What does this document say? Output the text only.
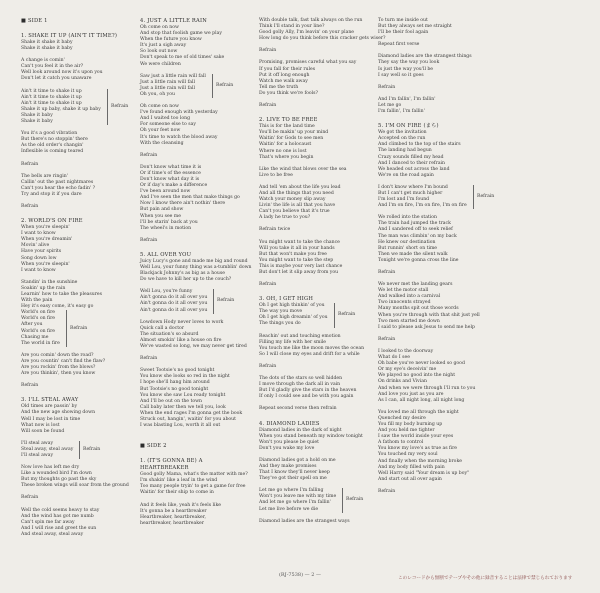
■ SIDE 1
1. SHAKE IT UP (AIN'T IT TIME?)
Shake it shake it baby
Shake it shake it baby
A change is comin'
Can't you feel it in the air?
Well look around now it's upon you
Don't let it catch you unaware
Ain't it time to shake it up
Ain't it time to shake it up
Ain't it time to shake it up
Shake it up baby, shake it up baby
Shake it baby
Shake it baby
Refrain
You it's a good vibration
But there's no stoppin' there
As the old order's changin'
Inflexible is coming teared
Refrain
The bells are ringin'
Callin' out the past nightmares
Can't you hear the echo fadin' ?
Try and stop it if you dare
Refrain
2. WORLD'S ON FIRE
When you're sleepin'
I want to know
When you're dreamin'
Movin' alive
Have your spirits
Song down low
When you're sleepin'
I want to know
Standin' in the sunshine
Soakin' up the rain
Learnin' how to take the pleasures
With the pain
Hey it's easy come, it's easy go
World's on fire
World's on fire
After you
World's on fire
Chasing me
The world in fire
Refrain
Are you comin' down the road?
Are you countin' can't find the flaw?
Are you rockin' from the blows?
Are you thinkin', then you know
Refrain
3. I'LL STEAL AWAY
Old times are passin' by
And the new age showing down
Well I may be lost in time
What now is lost
Will soon be found
I'll steal away
Steal away, steal away
I'll steal away
Refrain
Now love has left me dry
Like a wounded bird I'm down
But my thoughts go past the sky
These broken wings will soar from the ground
Refrain
Well the cold seems heavy to stay
And the wind has got me numb
Can't spin me far away
And I will rise and greet the sun
And steal away, steal away
4. JUST A LITTLE RAIN
Oh come on now
And stop that foolish game we play
When the future you know
It's just a sigh away
So look out now
Don't speak to me of old times' sake
We were children
Saw just a little rain will fall
Just a little rain will fall
Just a little rain will fall
Oh you, oh you
Refrain
Oh come on now
I've found enough with yesterday
And I waited too long
For someone else to say
Oh your feet now
It's time to watch the blood away
With the cleansing
Refrain
Don't know what time it is
Or if time's of the essence
Don't know what day it is
Or if day's make a difference
I've been around now
And I've seen the men that make things go
Now I know there ain't nothin' there
But pain and show
When you see me
I'll be starin' back at you
The wheel's in motion
Refrain
5. ALL OVER YOU
Juicy Lucy's gone and made me big and round
Well Lou, your funny thing was a-tumblin' down
Blackjack Johnny's as big as a house
Do we have to kill her up to the couch?
Well Lou, you're funny
Ain't gonna do it all over you
Ain't gonna do it all over you
Ain't gonna do it all over you
Refrain
Lowdown Hody never loves to work
Quick call a doctor
The situation's so absurd
Almost smokin' like a house on fire
We've wasted so long, we may never get tired
Refrain
Sweet Tootsie's no good tonight
You know she looks so red in the night
I hope she'll hang him around
But Tootsie's no good tonight
You know she saw Lou ready tonight
And I'll be out on the town
Call baby later then we tell you, look
When the end rages I'm gonna get the book
Struck out, hangin', waitin' for you about
I was blasting Lou, worth it all out
■ SIDE 2
1. (IT'S GONNA BE) A HEARTBREAKER
Good golly Mama, what's the matter with me?
I'm shakin' like a leaf in the wind
Too many people tryin' to get a game for free
Waitin' for their ship to come in
And it feels like, yeah it's feels like
It's gonna be a heartbreaker
Heartbreaker, heartbreaker,
heartbreaker, heartbreaker
With double talk, fast talk always on the run
Think I'll stand in your line?
Good golly Ally, I'm leavin' on your plane
How long do you think before this cracker gets wiser?
Refrain
Promising, promises careful what you say
If you fall for their rules
Put it off long enough
Watch me walk away
Tell me the truth
Do you think we're fools?
Refrain
2. LIVE TO BE FREE
This is for the land time
You'll be makin' up your mind
Waitin' for Gods to see men
Waitin' for a holocaust
Where no one is lost
That's where you begin
Like the wind that blows over the sea
Live to be free
And tell 'em about the life you lead
And all the things that you need
Watch your money slip away
Livin' the life is all that you have
Can't you believe that it's true
A lady he true to you?
Refrain twice
You might want to take the chance
Will you take it all in your hands
But that won't make you free
You might want to take the step
This is maybe your very last chance
But don't let it slip away from you
Refrain
3. OH, I GET HIGH
Oh I get high thinkin' of you
The way you move
Oh I get high dreamin' of you
The things you do
Refrain
Reachin' out and touching emotion
Filling my life with her smile
You touch me like the moon moves the ocean
So I will close my eyes and drift for a while
Refrain
The dots of the stars so well hidden
I move through the dark all in vain
But I'd gladly give the stars in the heaven
If only I could see and be with you again
Repeat second verse then refrain
4. DIAMOND LADIES
Diamond ladies in the dark of night
When you stand beneath my window tonight
Won't you please be quiet
Don't you wake my love
Diamond ladies got a hold on me
And they make promises
That I know they'll never keep
They've got their spell on me
Let me go where I'm falling
Won't you leave me with my time
And let me go where I'm fallin'
Let me live before we die
Refrain
Diamond ladies are the strangest ways
To turn me inside out
But they always set me straight
I'll be their fool again
Repeat first verse
Diamond ladies are the strangest things
They say the way you look
Is just the way you'll be
I say well so it goes
Refrain
And I'm fallin', I'm fallin'
Let me go
I'm fallin', I'm fallin'
5. I'M ON FIRE (まち)
We got the invitation
Accepted on the run
And climbed to the top of the stairs
The landing had begun
Crazy sounds filled my head
And I danced to their refrain
We headed out across the land
We're on the road again
I don't know where I'm bound
But I can't get much higher
I'm lost and I'm found
And I'm on fire, I'm on fire, I'm on fire
Refrain
We rolled into the station
The train had jumped the track
And I sandered off to seek relief
The man was climbin' on my back
He knew our destination
But runnin' short on time
Then we made the silent walk
Tonight we're gonna cross the line
Refrain
We never met the landing gears
We let the motor stall
And walked into a carnival
Two innocents strayed
Many months spit out those words
When you're through with that shit just yell
Two men started me down
I said to please ask Jesus to send me help
Refrain
I looked to the doorway
What do I see
Oh babe you've never looked so good
Or my eye's deceivin' me
We played no good into the night
On drinks and Vivian
And when we were through I'll run to you
And love you just as you are
As I can, all night long, all night long
You loved me all through the night
Quenched my desire
You fill my body burning up
And you held me tighter
I saw the world inside your eyes
A fathom to control
You know my love's as true as fire
You touched my very soul
And finally when the morning broke
And my body filled with pain
Well Harry said "Your dream is up boy"
And start out all over again
Refrain
(RJ-7538) — 2 —
このレコードから無断でテープやその他に録音することは法律で禁じられております
